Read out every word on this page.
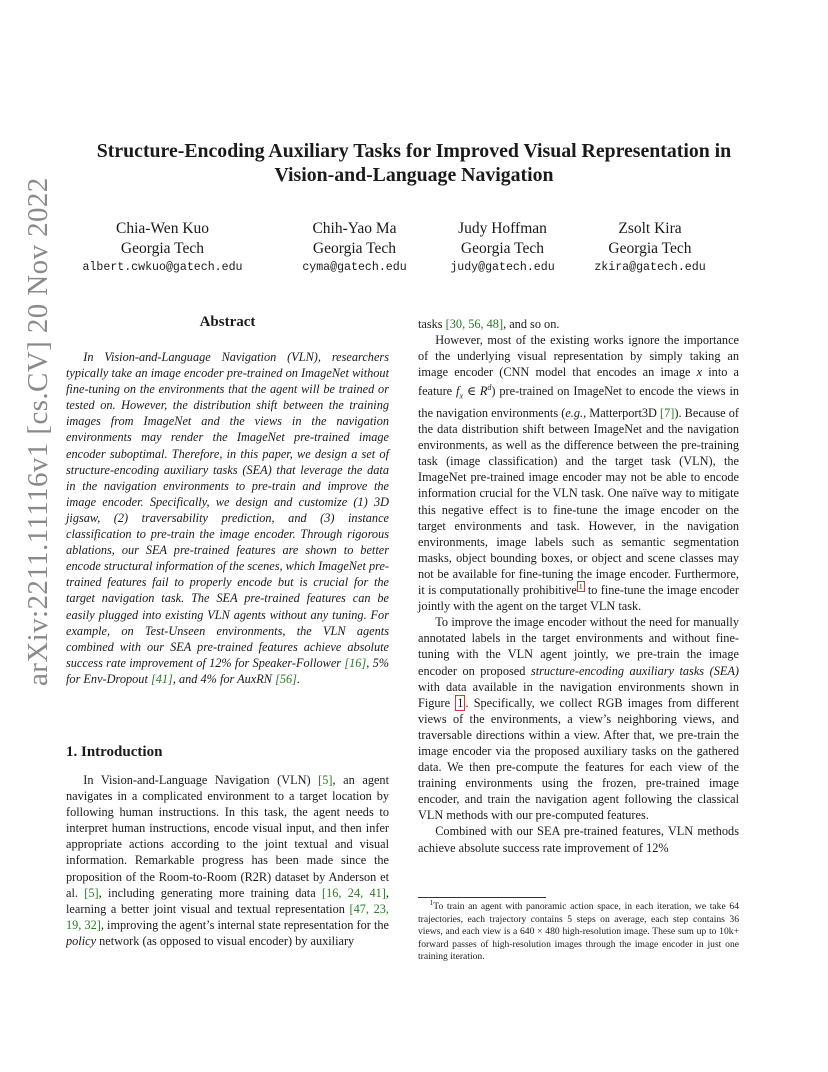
arXiv:2211.11116v1 [cs.CV] 20 Nov 2022
Structure-Encoding Auxiliary Tasks for Improved Visual Representation in
Vision-and-Language Navigation
Chia-Wen Kuo
Georgia Tech
albert.cwkuo@gatech.edu
Chih-Yao Ma
Georgia Tech
cyma@gatech.edu
Judy Hoffman
Georgia Tech
judy@gatech.edu
Zsolt Kira
Georgia Tech
zkira@gatech.edu
Abstract

In Vision-and-Language Navigation (VLN), researchers typically take an image encoder pre-trained on ImageNet without fine-tuning on the environments that the agent will be trained or tested on. However, the distribution shift between the training images from ImageNet and the views in the navigation environments may render the ImageNet pre-trained image encoder suboptimal. Therefore, in this paper, we design a set of structure-encoding auxiliary tasks (SEA) that leverage the data in the navigation environments to pre-train and improve the image encoder. Specifically, we design and customize (1) 3D jigsaw, (2) traversability prediction, and (3) instance classification to pre-train the image encoder. Through rigorous ablations, our SEA pre-trained features are shown to better encode structural information of the scenes, which ImageNet pre-trained features fail to properly encode but is crucial for the target navigation task. The SEA pre-trained features can be easily plugged into existing VLN agents without any tuning. For example, on Test-Unseen environments, the VLN agents combined with our SEA pre-trained features achieve absolute success rate improvement of 12% for Speaker-Follower [16], 5% for Env-Dropout [41], and 4% for AuxRN [56].

1. Introduction

In Vision-and-Language Navigation (VLN) [5], an agent navigates in a complicated environment to a target location by following human instructions. In this task, the agent needs to interpret human instructions, encode visual input, and then infer appropriate actions according to the joint textual and visual information. Remarkable progress has been made since the proposition of the Room-to-Room (R2R) dataset by Anderson et al. [5], including generating more training data [16, 24, 41], learning a better joint visual and textual representation [47, 23, 19, 32], improving the agent’s internal state representation for the policy network (as opposed to visual encoder) by auxiliary

tasks [30, 56, 48], and so on.

However, most of the existing works ignore the importance of the underlying visual representation by simply taking an image encoder (CNN model that encodes an image x into a feature $f_x$ ∈ $R^d$) pre-trained on ImageNet to encode the views in the navigation environments (e.g., Matterport3D [7]). Because of the data distribution shift between ImageNet and the navigation environments, as well as the difference between the pre-training task (image classification) and the target task (VLN), the ImageNet pre-trained image encoder may not be able to encode information crucial for the VLN task. One naïve way to mitigate this negative effect is to fine-tune the image encoder on the target environments and task. However, in the navigation environments, image labels such as semantic segmentation masks, object bounding boxes, or object and scene classes may not be available for fine-tuning the image encoder. Furthermore, it is computationally prohibitive $^1$ to fine-tune the image encoder jointly with the agent on the target VLN task.

To improve the image encoder without the need for manually annotated labels in the target environments and without fine-tuning with the VLN agent jointly, we pre-train the image encoder on proposed structure-encoding auxiliary tasks (SEA) with data available in the navigation environments shown in Figure 1 . Specifically, we collect RGB images from different views of the environments, a view’s neighboring views, and traversable directions within a view. After that, we pre-train the image encoder via the proposed auxiliary tasks on the gathered data. We then pre-compute the features for each view of the training environments using the frozen, pre-trained image encoder, and train the navigation agent following the classical VLN methods with our pre-computed features.

Combined with our SEA pre-trained features, VLN methods achieve absolute success rate improvement of 12%

$^1$To train an agent with panoramic action space, in each iteration, we take 64 trajectories, each trajectory contains 5 steps on average, each step contains 36 views, and each view is a 640 × 480 high-resolution image. These sum up to 10k+ forward passes of high-resolution images through the image encoder in just one training iteration.
